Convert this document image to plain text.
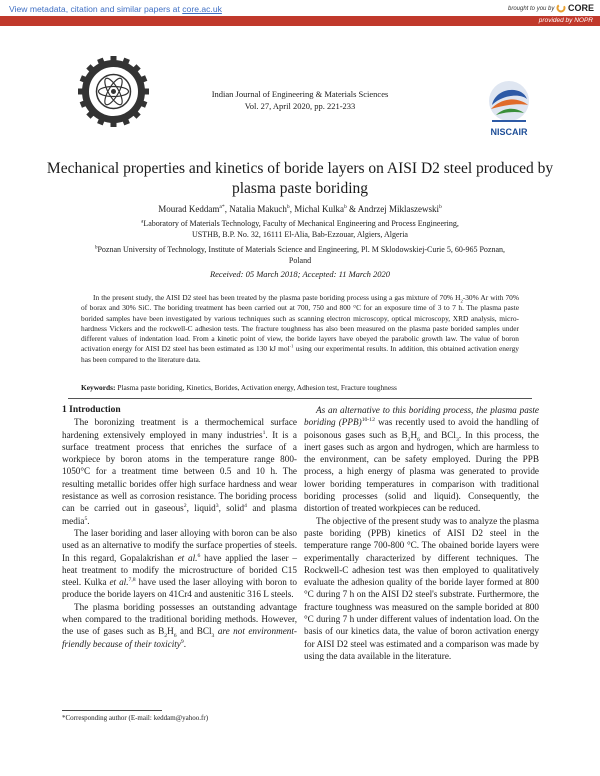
View metadata, citation and similar papers at core.ac.uk	brought to you by CORE
provided by NOPR
Indian Journal of Engineering & Materials Sciences
Vol. 27, April 2020, pp. 221-233
NISCAIR
Mechanical properties and kinetics of boride layers on AISI D2 steel produced by plasma paste boriding
Mourad Keddam$^{a*}$, Natalia Makuch$^b$, Michal Kulka$^b$ & Andrzej Miklaszewski$^b$
$^a$Laboratory of Materials Technology, Faculty of Mechanical Engineering and Process Engineering,
USTHB, B.P. No. 32, 16111 El-Alia, Bab-Ezzouar, Algiers, Algeria
$^b$Poznan University of Technology, Institute of Materials Science and Engineering, Pl. M Sklodowskiej-Curie 5, 60-965 Poznan,
Poland
Received: 05 March 2018; Accepted: 11 March 2020
In the present study, the AISI D2 steel has been treated by the plasma paste boriding process using a gas mixture of 70% $H_2-30\%$ Ar with 70% of borax and 30% SiC. The boriding treatment has been carried out at 700, 750 and 800 °C for an exposure time of 3 to 7 h. The plasma paste borided samples have been investigated by various techniques such as scanning electron microscopy, optical microscopy, XRD analysis, micro-hardness Vickers and the rockwell-C adhesion tests. The fracture toughness has also been measured on the plasma paste borided samples under different values of indentation load. From a kinetic point of view, the boride layers have obeyed the parabolic growth law. The value of boron activation energy for AISI D2 steel has been estimated as 130 kJ mol$^{-1}$ using our experimental results. In addition, this obtained activation energy has been compared to the literature data.
Keywords: Plasma paste boriding, Kinetics, Borides, Activation energy, Adhesion test, Fracture toughness

1 Introduction

The boronizing treatment is a thermochemical surface hardening extensively employed in many industries$^1$. It is a surface treatment process that enriches the surface of a workpiece by boron atoms in the temperature range 800-1050°C for a treatment time between 0.5 and 10 h. The resulting metallic borides offer high surface hardness and wear resistance as well as corrosion resistance. The boriding process can be carried out in gaseous$^2$, liquid$^3$, solid$^4$ and plasma media$^5$.

The laser boriding and laser alloying with boron can be also used as an alternative to modify the surface properties of steels. In this regard, Gopalakrishan et al.$^6$ have applied the laser – heat treatment to modify the microstructure of borided C15 steel. Kulka et al.$^{7,8}$ have used the laser alloying with boron to produce the boride layers on 41Cr4 and austenitic 316 L steels.

The plasma boriding possesses an outstanding advantage when compared to the traditional boriding methods. However, the use of gases such as $B_2H_6$ and BCl$_3$ are not environment-friendly because of their toxicity$^9$.

As an alternative to this boriding process, the plasma paste boriding (PPB)$^{10-12}$ was recently used to avoid the handling of poisonous gases such as $B_2H_6$ and BCl$_3$. In this process, the inert gases such as argon and hydrogen, which are harmless to the environment, can be safety employed. During the PPB process, a high energy of plasma was generated to provide lower boriding temperatures in comparison with traditional boriding processes (solid and liquid). Consequently, the distortion of treated workpieces can be reduced.

The objective of the present study was to analyze the plasma paste boriding (PPB) kinetics of AISI D2 steel in the temperature range 700-800 °C. The obained boride layers were experimentally characterized by different techniques. The Rockwell-C adhesion test was then employed to qualitatively evaluate the adhesion quality of the boride layer formed at 800 °C during 7 h on the AISI D2 steel's substrate. Furthermore, the fracture toughness was measured on the sample borided at 800 °C during 7 h under different values of indentation load. On the basis of our kinetics data, the value of boron activation energy for AISI D2 steel was estimated and a comparison was made by using the data available in the literature.

*Corresponding author (E-mail: keddam@yahoo.fr)
